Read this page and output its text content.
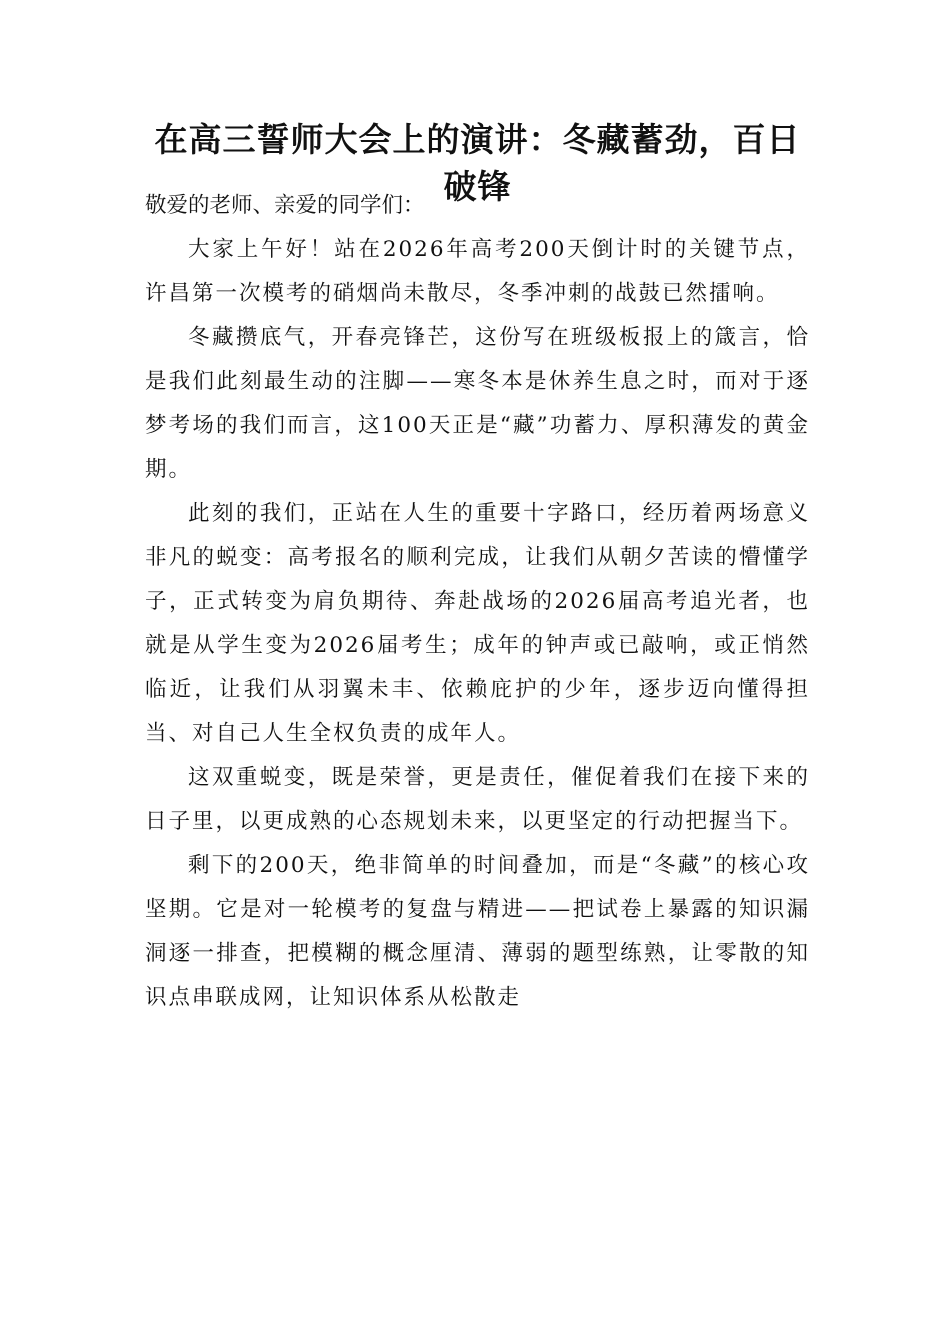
在高三誓师大会上的演讲：冬藏蓄劲，百日破锋

敬爱的老师、亲爱的同学们：

大家上午好！站在2026年高考200天倒计时的关键节点，许昌第一次模考的硝烟尚未散尽，冬季冲刺的战鼓已然擂响。

冬藏攒底气，开春亮锋芒，这份写在班级板报上的箴言，恰是我们此刻最生动的注脚——寒冬本是休养生息之时，而对于逐梦考场的我们而言，这100天正是“藏”功蓄力、厚积薄发的黄金期。

此刻的我们，正站在人生的重要十字路口，经历着两场意义非凡的蜕变：高考报名的顺利完成，让我们从朝夕苦读的懵懂学子，正式转变为肩负期待、奔赴战场的2026届高考追光者，也就是从学生变为2026届考生；成年的钟声或已敲响，或正悄然临近，让我们从羽翼未丰、依赖庇护的少年，逐步迈向懂得担当、对自己人生全权负责的成年人。

这双重蜕变，既是荣誉，更是责任，催促着我们在接下来的日子里，以更成熟的心态规划未来，以更坚定的行动把握当下。

剩下的200天，绝非简单的时间叠加，而是“冬藏”的核心攻坚期。它是对一轮模考的复盘与精进——把试卷上暴露的知识漏洞逐一排查，把模糊的概念厘清、薄弱的题型练熟，让零散的知识点串联成网，让知识体系从松散走
